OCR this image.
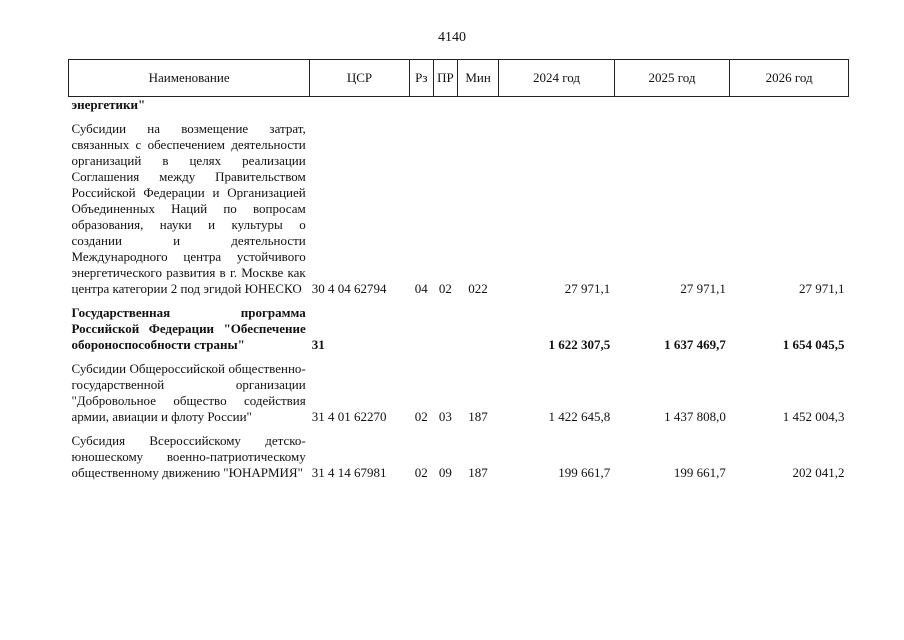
4140
Наименование	ЦСР	Рз	ПР	Мин	2024 год	2025 год	2026 год
энергетики"							

Субсидии на возмещение затрат, связанных с обеспечением деятельности организаций в целях реализации Соглашения между Правительством Российской Федерации и Организацией Объединенных Наций по вопросам образования, науки и культуры о создании и деятельности Международного центра устойчивого энергетического развития в г. Москве как центра категории 2 под эгидой ЮНЕСКО	30 4 04 62794	04	02	022	27 971,1	27 971,1	27 971,1

Государственная программа Российской Федерации "Обеспечение обороноспособности страны"	31				1 622 307,5	1 637 469,7	1 654 045,5

Субсидии Общероссийской общественно-государственной организации "Добровольное общество содействия армии, авиации и флоту России"	31 4 01 62270	02	03	187	1 422 645,8	1 437 808,0	1 452 004,3

Субсидия Всероссийскому детско-юношескому военно-патриотическому общественному движению "ЮНАРМИЯ"	31 4 14 67981	02	09	187	199 661,7	199 661,7	202 041,2
